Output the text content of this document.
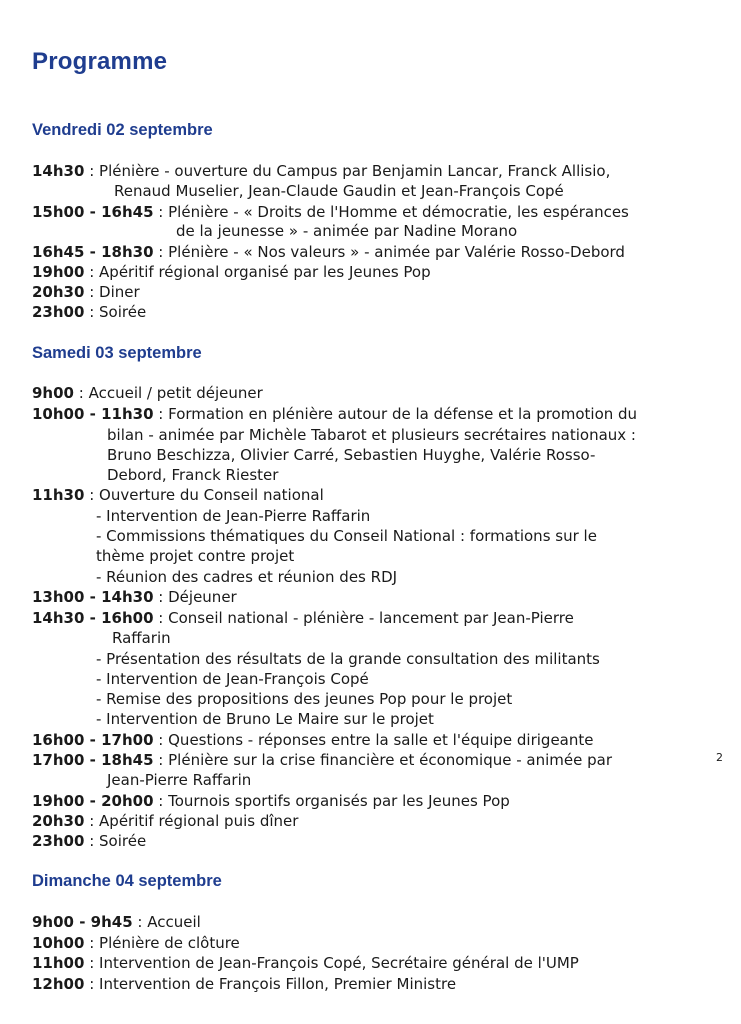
Programme
Vendredi 02 septembre
14h30 : Plénière - ouverture du Campus par Benjamin Lancar, Franck Allisio,
Renaud Muselier, Jean-Claude Gaudin et Jean-François Copé
15h00 - 16h45 : Plénière - « Droits de l'Homme et démocratie, les espérances
de la jeunesse » - animée par Nadine Morano
16h45 - 18h30 : Plénière - « Nos valeurs » - animée par Valérie Rosso-Debord
19h00 : Apéritif régional organisé par les Jeunes Pop
20h30 : Diner
23h00 : Soirée
Samedi 03 septembre
9h00 : Accueil / petit déjeuner
10h00 - 11h30 : Formation en plénière autour de la défense et la promotion du
bilan - animée par Michèle Tabarot et plusieurs secrétaires nationaux :
Bruno Beschizza, Olivier Carré, Sebastien Huyghe, Valérie Rosso-
Debord, Franck Riester
11h30 : Ouverture du Conseil national
- Intervention de Jean-Pierre Raffarin
- Commissions thématiques du Conseil National : formations sur le
thème projet contre projet
- Réunion des cadres et réunion des RDJ
13h00 - 14h30 : Déjeuner
14h30 - 16h00 : Conseil national - plénière - lancement par Jean-Pierre
Raffarin
- Présentation des résultats de la grande consultation des militants
- Intervention de Jean-François Copé
- Remise des propositions des jeunes Pop pour le projet
- Intervention de Bruno Le Maire sur le projet
16h00 - 17h00 : Questions - réponses entre la salle et l'équipe dirigeante
17h00 - 18h45 : Plénière sur la crise financière et économique - animée par	2
Jean-Pierre Raffarin
19h00 - 20h00 : Tournois sportifs organisés par les Jeunes Pop
20h30 : Apéritif régional puis dîner
23h00 : Soirée
Dimanche 04 septembre
9h00 - 9h45 : Accueil
10h00 : Plénière de clôture
11h00 : Intervention de Jean-François Copé, Secrétaire général de l'UMP
12h00 : Intervention de François Fillon, Premier Ministre
